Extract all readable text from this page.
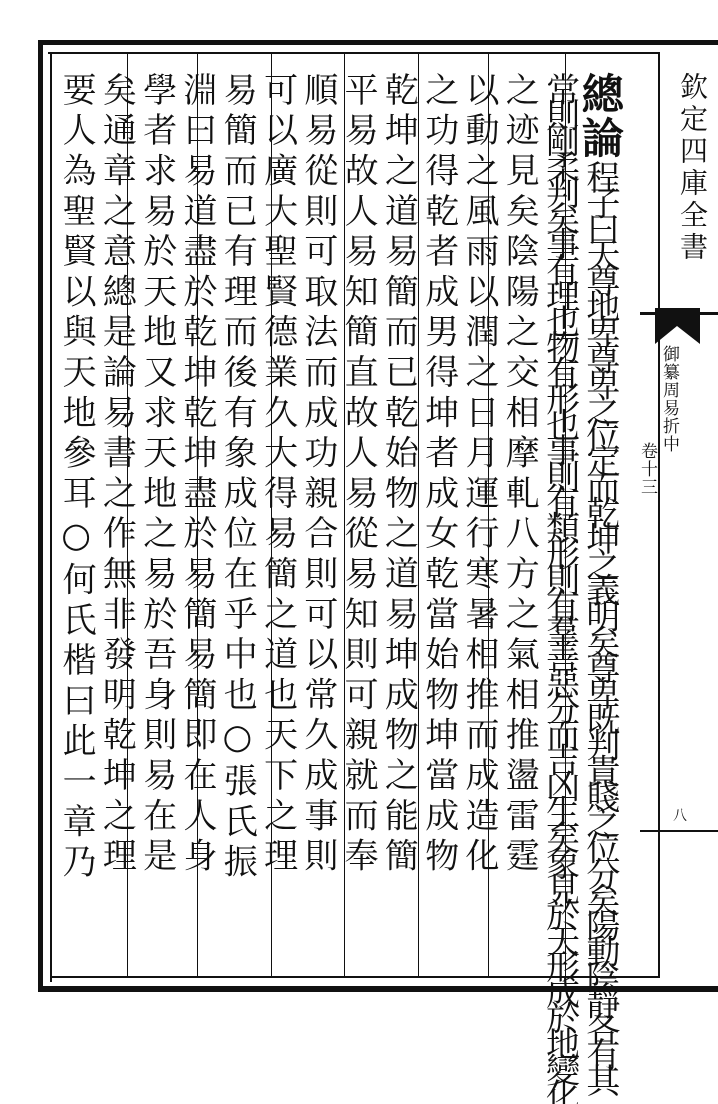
欽定四庫全書
御纂周易折中
卷十三
八
總論程子曰天尊地卑尊卑之位定而乾坤之義明矣尊卑既判貴賤之位分矣陽動陰靜各有其
常則剛柔判矣事有理也物有形也事則有類形則有羣善惡分而吉凶生矣象見於天形成於地變化
之迹見矣陰陽之交相摩軋八方之氣相推盪雷霆
以動之風雨以潤之日月運行寒暑相推而成造化
之功得乾者成男得坤者成女乾當始物坤當成物
乾坤之道易簡而已乾始物之道易坤成物之能簡
平易故人易知簡直故人易從易知則可親就而奉
順易從則可取法而成功親合則可以常久成事則
可以廣大聖賢德業久大得易簡之道也天下之理
易簡而已有理而後有象成位在乎中也○張氏振
淵曰易道盡於乾坤乾坤盡於易簡易簡即在人身
學者求易於天地又求天地之易於吾身則易在是
矣通章之意總是論易書之作無非發明乾坤之理
要人為聖賢以與天地參耳○何氏楷曰此一章乃
